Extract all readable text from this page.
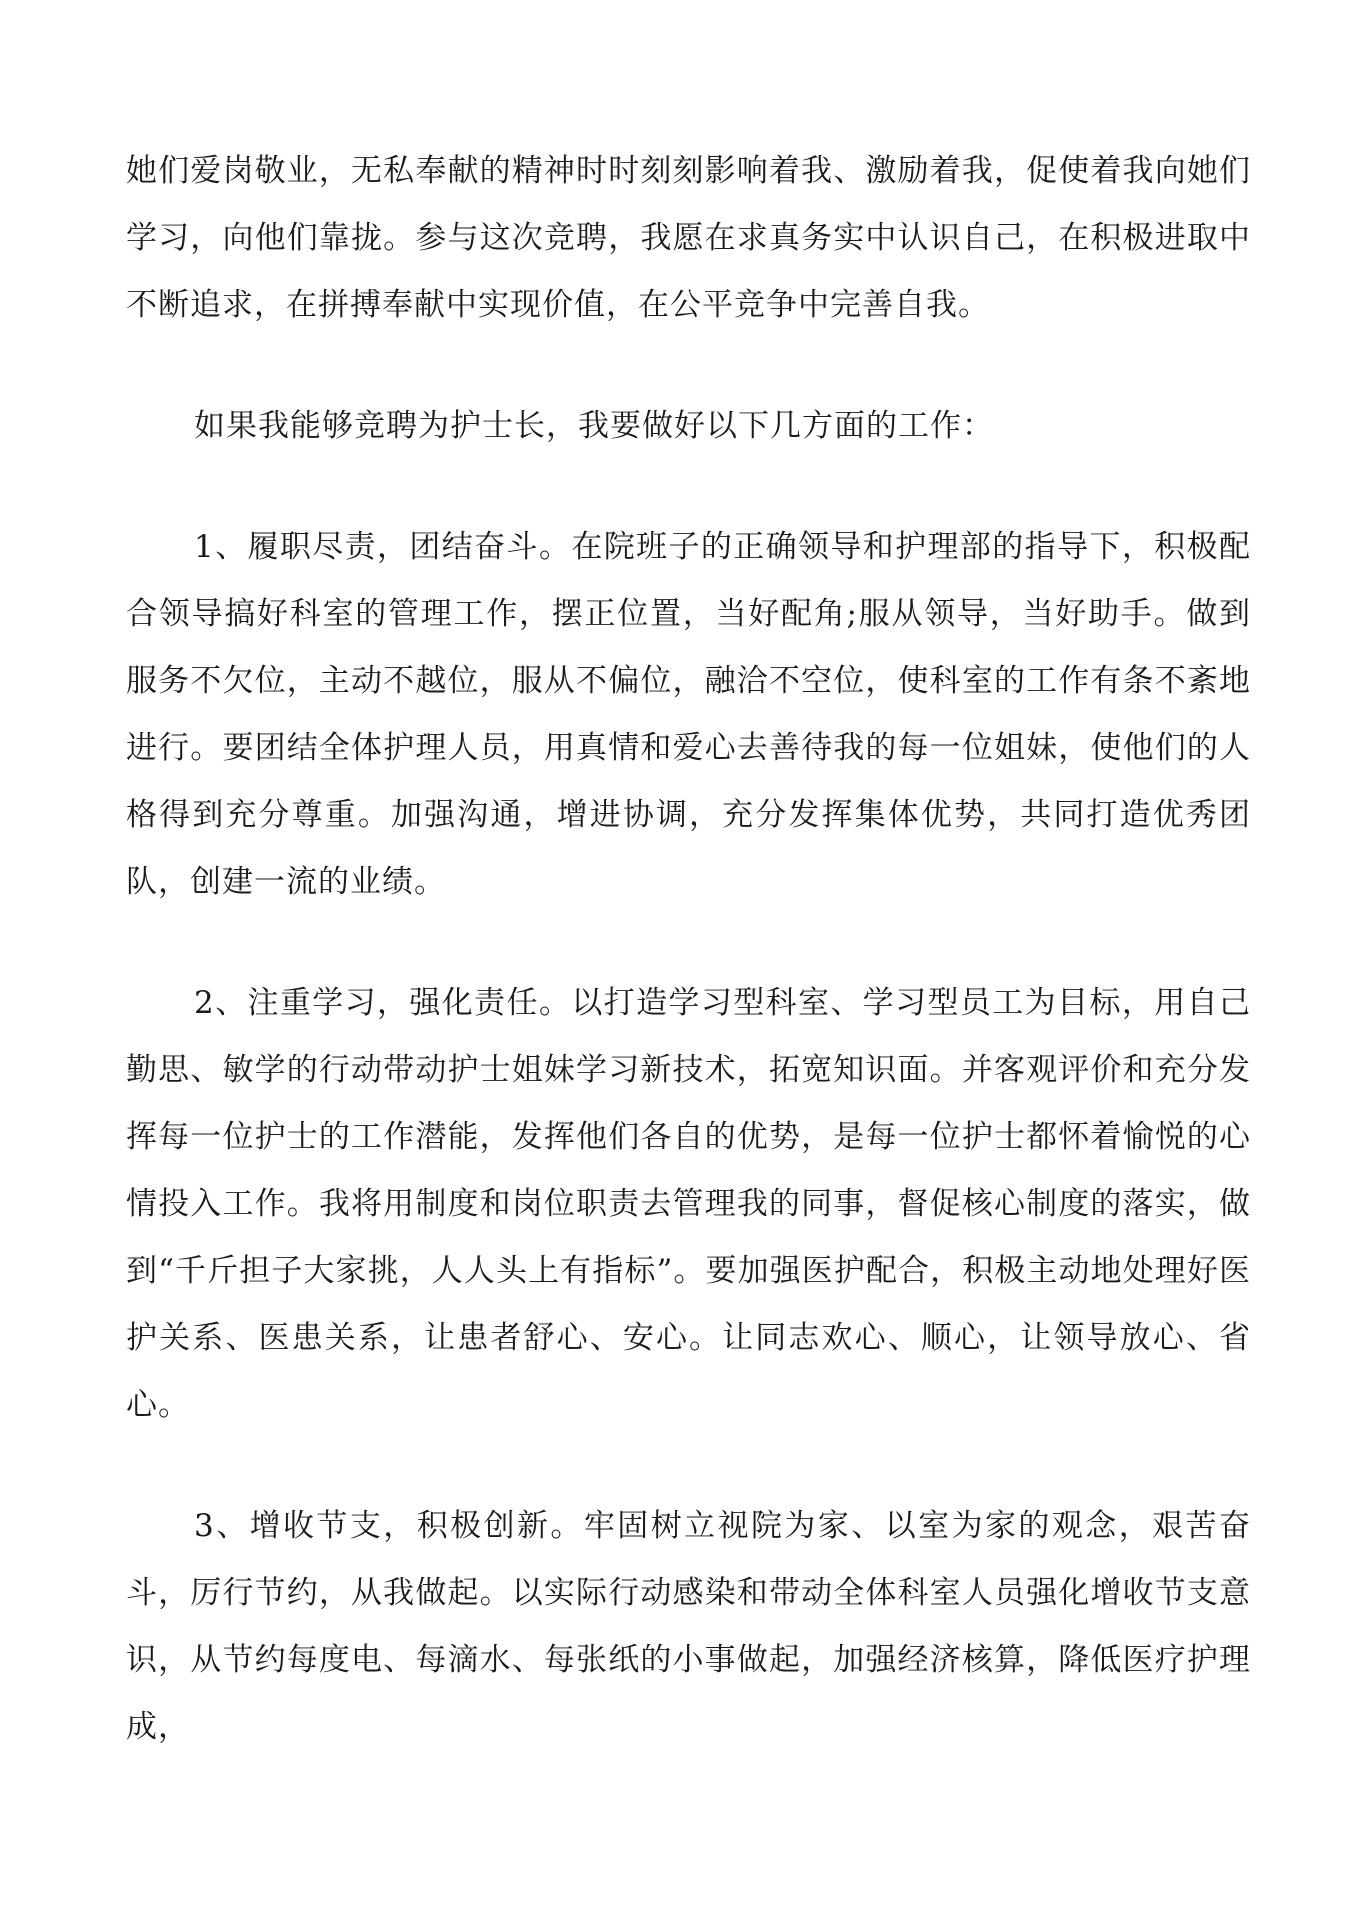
她们爱岗敬业，无私奉献的精神时时刻刻影响着我、激励着我，促使着我向她们学习，向他们靠拢。参与这次竞聘，我愿在求真务实中认识自己，在积极进取中不断追求，在拼搏奉献中实现价值，在公平竞争中完善自我。

如果我能够竞聘为护士长，我要做好以下几方面的工作：

1、履职尽责，团结奋斗。在院班子的正确领导和护理部的指导下，积极配合领导搞好科室的管理工作，摆正位置，当好配角;服从领导，当好助手。做到服务不欠位，主动不越位，服从不偏位，融洽不空位，使科室的工作有条不紊地进行。要团结全体护理人员，用真情和爱心去善待我的每一位姐妹，使他们的人格得到充分尊重。加强沟通，增进协调，充分发挥集体优势，共同打造优秀团队，创建一流的业绩。

2、注重学习，强化责任。以打造学习型科室、学习型员工为目标，用自己勤思、敏学的行动带动护士姐妹学习新技术，拓宽知识面。并客观评价和充分发挥每一位护士的工作潜能，发挥他们各自的优势，是每一位护士都怀着愉悦的心情投入工作。我将用制度和岗位职责去管理我的同事，督促核心制度的落实，做到“千斤担子大家挑，人人头上有指标”。要加强医护配合，积极主动地处理好医护关系、医患关系，让患者舒心、安心。让同志欢心、顺心，让领导放心、省心。

3、增收节支，积极创新。牢固树立视院为家、以室为家的观念，艰苦奋斗，厉行节约，从我做起。以实际行动感染和带动全体科室人员强化增收节支意识，从节约每度电、每滴水、每张纸的小事做起，加强经济核算，降低医疗护理成，
